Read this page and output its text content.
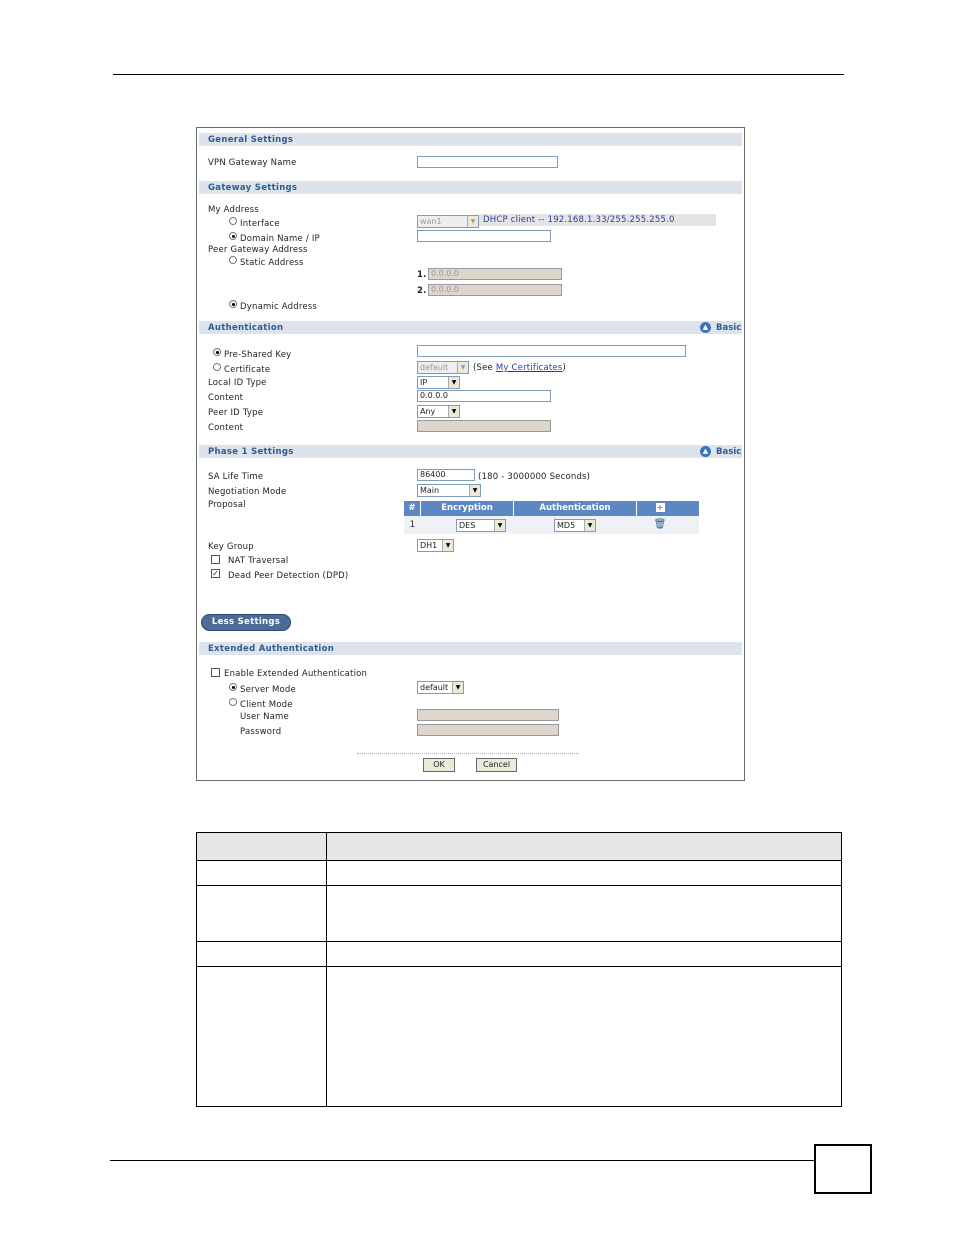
General Settings
VPN Gateway Name
Gateway Settings
My Address
Interface	wan1	▼ DHCP client -- 192.168.1.33/255.255.255.0
Domain Name / IP
Peer Gateway Address
Static Address
1. 0.0.0.0
2. 0.0.0.0
Dynamic Address
Authentication	▲ Basic
Pre-Shared Key
Certificate	default	▼ (See My Certificates)
Local ID Type	IP	▼
Content	0.0.0.0
Peer ID Type	Any	▼
Content
Phase 1 Settings	▲ Basic
SA Life Time	86400	(180 - 3000000 Seconds)
Negotiation Mode	Main	▼
Proposal	#	Encryption	Authentication	+
1	DES	▼	MD5	▼	🗑
Key Group	DH1	▼
NAT Traversal
✓ Dead Peer Detection (DPD)
Less Settings
Extended Authentication
Enable Extended Authentication
Server Mode	default	▼
Client Mode
User Name
Password
OK	Cancel
